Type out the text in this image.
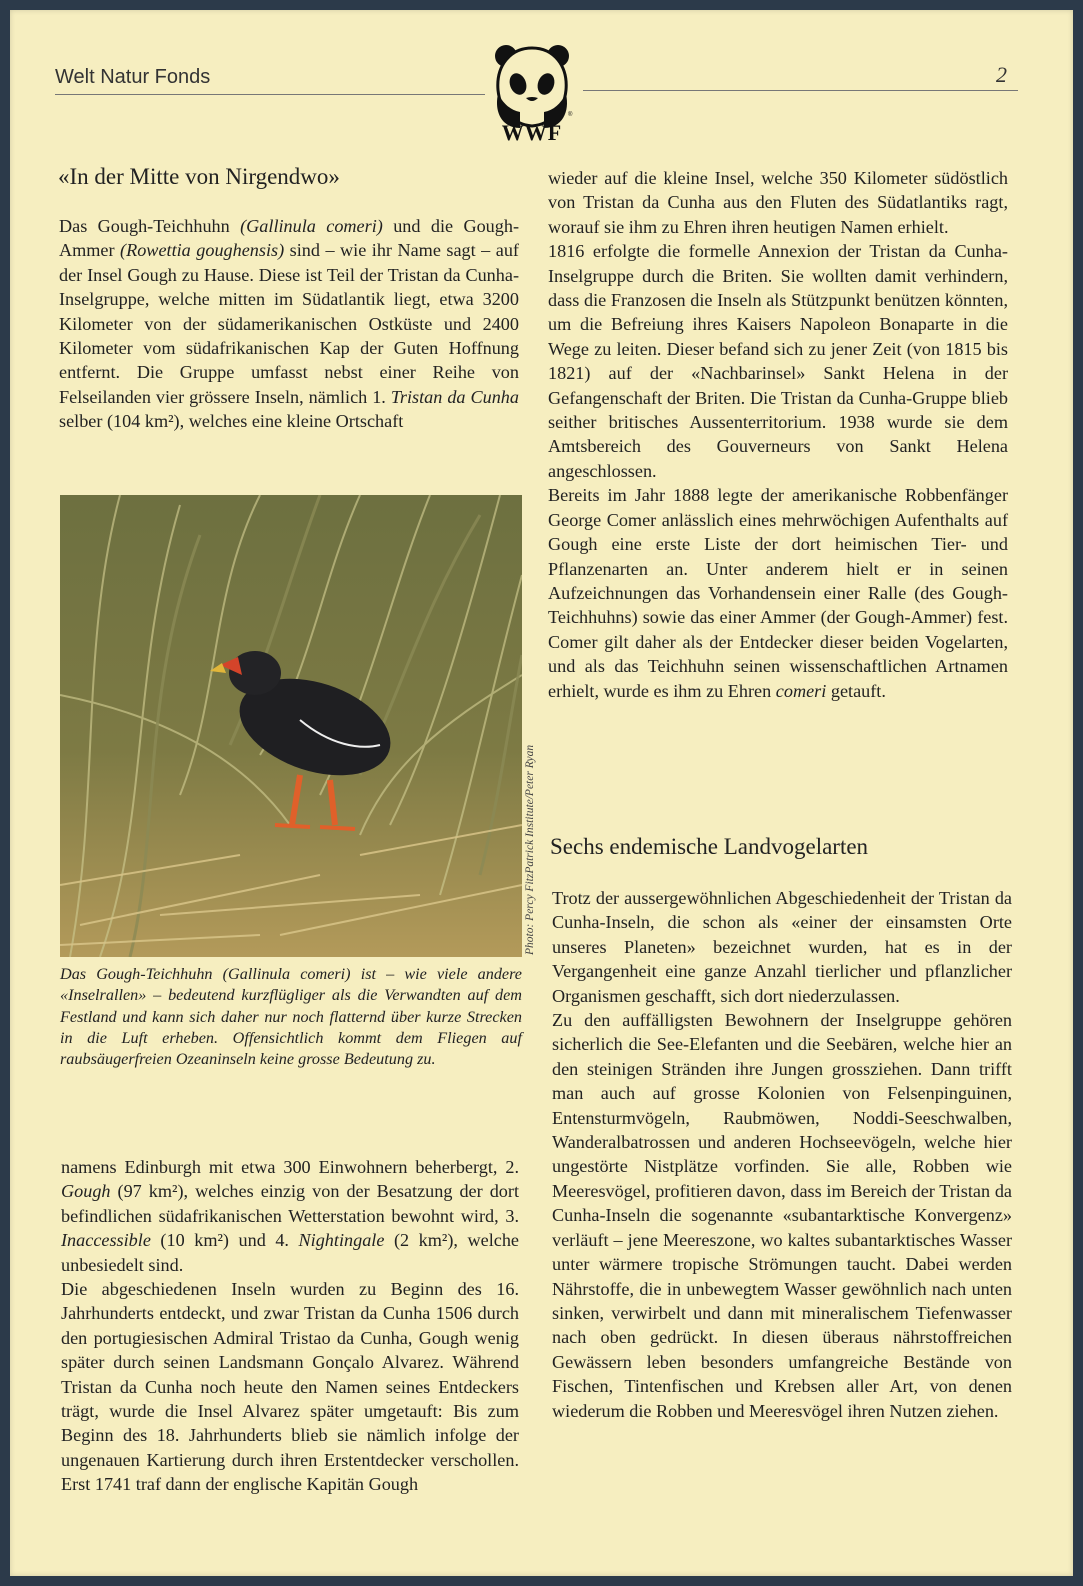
Welt Natur Fonds	2
®
WWF
«In der Mitte von Nirgendwo»

Das Gough-Teichhuhn (Gallinula comeri) und die Gough-Ammer (Rowettia goughensis) sind – wie ihr Name sagt – auf der Insel Gough zu Hause. Diese ist Teil der Tristan da Cunha-Inselgruppe, welche mitten im Südatlantik liegt, etwa 3200 Kilometer von der südamerikanischen Ostküste und 2400 Kilometer vom südafrikanischen Kap der Guten Hoffnung entfernt. Die Gruppe umfasst nebst einer Reihe von Felseilanden vier grössere Inseln, nämlich 1. Tristan da Cunha selber (104 km²), welches eine kleine Ortschaft

Photo: Percy FitzPatrick Institute/Peter Ryan
Das Gough-Teichhuhn (Gallinula comeri) ist – wie viele andere «Inselrallen» – bedeutend kurzflügliger als die Verwandten auf dem Festland und kann sich daher nur noch flatternd über kurze Strecken in die Luft erheben. Offensichtlich kommt dem Fliegen auf raubsäugerfreien Ozeaninseln keine grosse Bedeutung zu.

namens Edinburgh mit etwa 300 Einwohnern beherbergt, 2. Gough (97 km²), welches einzig von der Besatzung der dort befindlichen südafrikanischen Wetterstation bewohnt wird, 3. Inaccessible (10 km²) und 4. Nightingale (2 km²), welche unbesiedelt sind.

Die abgeschiedenen Inseln wurden zu Beginn des 16. Jahrhunderts entdeckt, und zwar Tristan da Cunha 1506 durch den portugiesischen Admiral Tristao da Cunha, Gough wenig später durch seinen Landsmann Gonçalo Alvarez. Während Tristan da Cunha noch heute den Namen seines Entdeckers trägt, wurde die Insel Alvarez später umgetauft: Bis zum Beginn des 18. Jahrhunderts blieb sie nämlich infolge der ungenauen Kartierung durch ihren Erstentdecker verschollen. Erst 1741 traf dann der englische Kapitän Gough

wieder auf die kleine Insel, welche 350 Kilometer südöstlich von Tristan da Cunha aus den Fluten des Südatlantiks ragt, worauf sie ihm zu Ehren ihren heutigen Namen erhielt.

1816 erfolgte die formelle Annexion der Tristan da Cunha-Inselgruppe durch die Briten. Sie wollten damit verhindern, dass die Franzosen die Inseln als Stützpunkt benützen könnten, um die Befreiung ihres Kaisers Napoleon Bonaparte in die Wege zu leiten. Dieser befand sich zu jener Zeit (von 1815 bis 1821) auf der «Nachbarinsel» Sankt Helena in der Gefangenschaft der Briten. Die Tristan da Cunha-Gruppe blieb seither britisches Aussenterritorium. 1938 wurde sie dem Amtsbereich des Gouverneurs von Sankt Helena angeschlossen.

Bereits im Jahr 1888 legte der amerikanische Robbenfänger George Comer anlässlich eines mehrwöchigen Aufenthalts auf Gough eine erste Liste der dort heimischen Tier- und Pflanzenarten an. Unter anderem hielt er in seinen Aufzeichnungen das Vorhandensein einer Ralle (des Gough-Teichhuhns) sowie das einer Ammer (der Gough-Ammer) fest. Comer gilt daher als der Entdecker dieser beiden Vogelarten, und als das Teichhuhn seinen wissenschaftlichen Artnamen erhielt, wurde es ihm zu Ehren comeri getauft.

Sechs endemische Landvogelarten

Trotz der aussergewöhnlichen Abgeschiedenheit der Tristan da Cunha-Inseln, die schon als «einer der einsamsten Orte unseres Planeten» bezeichnet wurden, hat es in der Vergangenheit eine ganze Anzahl tierlicher und pflanzlicher Organismen geschafft, sich dort niederzulassen.

Zu den auffälligsten Bewohnern der Inselgruppe gehören sicherlich die See-Elefanten und die Seebären, welche hier an den steinigen Stränden ihre Jungen grossziehen. Dann trifft man auch auf grosse Kolonien von Felsenpinguinen, Entensturmvögeln, Raubmöwen, Noddi-Seeschwalben, Wanderalbatrossen und anderen Hochseevögeln, welche hier ungestörte Nistplätze vorfinden. Sie alle, Robben wie Meeresvögel, profitieren davon, dass im Bereich der Tristan da Cunha-Inseln die sogenannte «subantarktische Konvergenz» verläuft – jene Meereszone, wo kaltes subantarktisches Wasser unter wärmere tropische Strömungen taucht. Dabei werden Nährstoffe, die in unbewegtem Wasser gewöhnlich nach unten sinken, verwirbelt und dann mit mineralischem Tiefenwasser nach oben gedrückt. In diesen überaus nährstoffreichen Gewässern leben besonders umfangreiche Bestände von Fischen, Tintenfischen und Krebsen aller Art, von denen wiederum die Robben und Meeresvögel ihren Nutzen ziehen.
